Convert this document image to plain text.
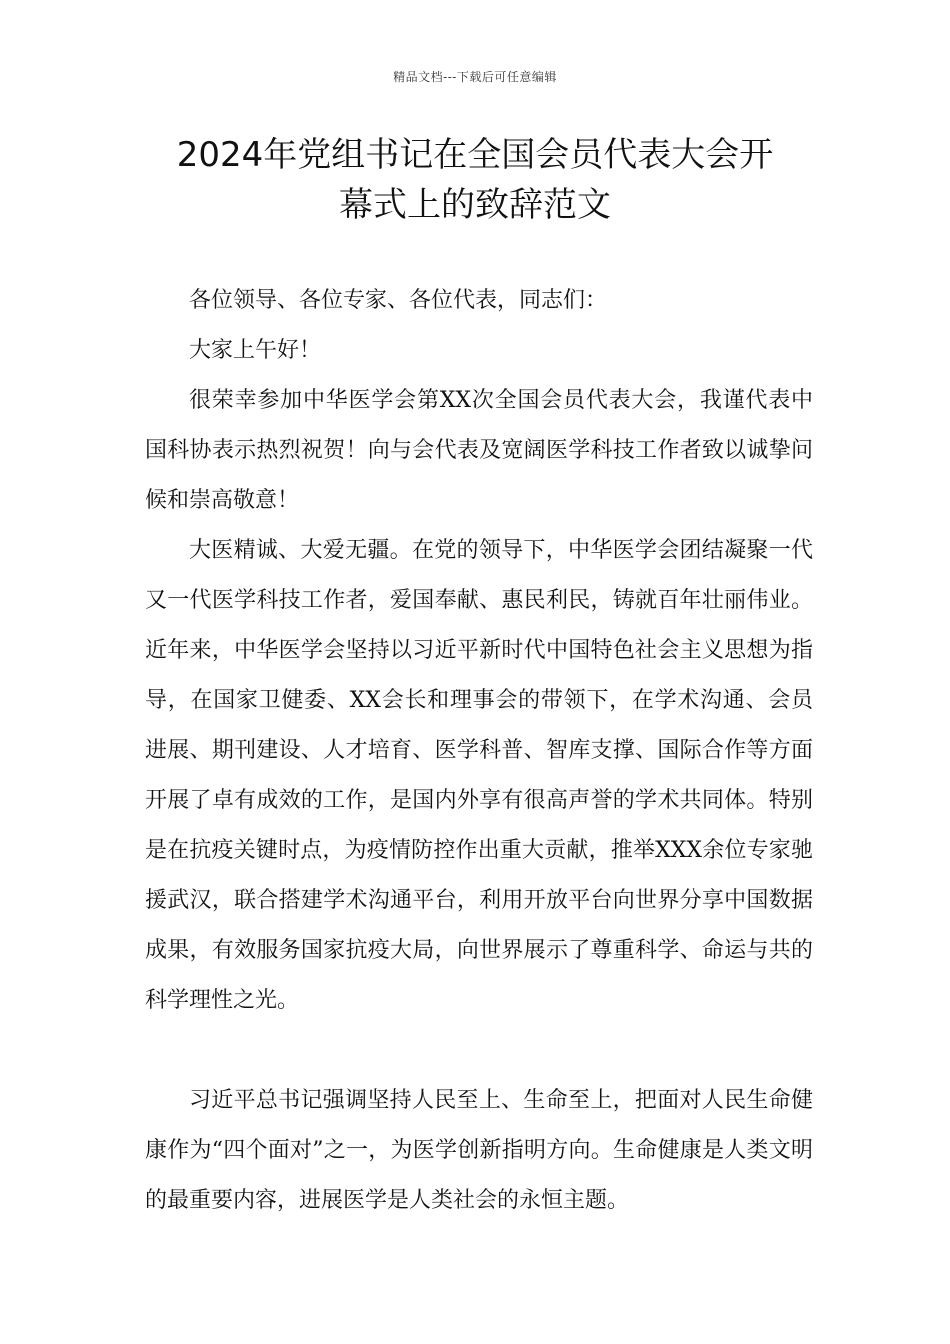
精品文档---下载后可任意编辑
2024年党组书记在全国会员代表大会开
幕式上的致辞范文

各位领导、各位专家、各位代表，同志们：

大家上午好！

很荣幸参加中华医学会第XX次全国会员代表大会，我谨代表中国科协表示热烈祝贺！向与会代表及宽阔医学科技工作者致以诚挚问候和崇高敬意！

大医精诚、大爱无疆。在党的领导下，中华医学会团结凝聚一代又一代医学科技工作者，爱国奉献、惠民利民，铸就百年壮丽伟业。近年来，中华医学会坚持以习近平新时代中国特色社会主义思想为指导，在国家卫健委、XX会长和理事会的带领下，在学术沟通、会员进展、期刊建设、人才培育、医学科普、智库支撑、国际合作等方面开展了卓有成效的工作，是国内外享有很高声誉的学术共同体。特别是在抗疫关键时点，为疫情防控作出重大贡献，推举XXX余位专家驰援武汉，联合搭建学术沟通平台，利用开放平台向世界分享中国数据成果，有效服务国家抗疫大局，向世界展示了尊重科学、命运与共的科学理性之光。

习近平总书记强调坚持人民至上、生命至上，把面对人民生命健康作为“四个面对”之一，为医学创新指明方向。生命健康是人类文明的最重要内容，进展医学是人类社会的永恒主题。
